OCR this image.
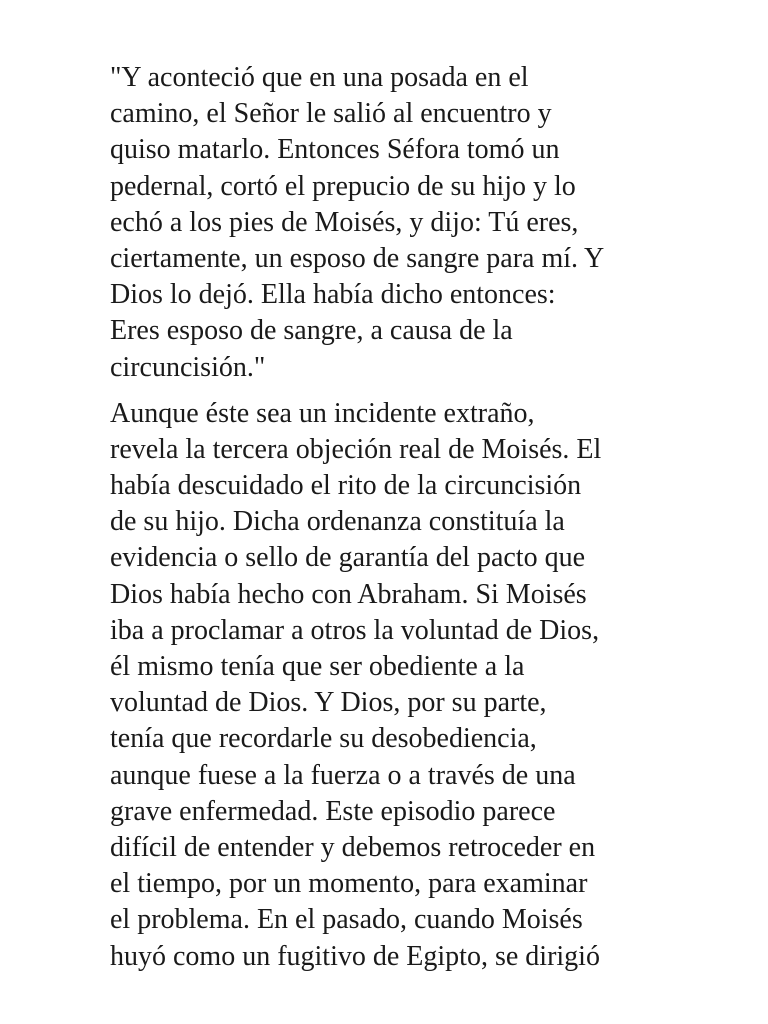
"Y aconteció que en una posada en el
camino, el Señor le salió al encuentro y
quiso matarlo. Entonces Séfora tomó un
pedernal, cortó el prepucio de su hijo y lo
echó a los pies de Moisés, y dijo: Tú eres,
ciertamente, un esposo de sangre para mí. Y
Dios lo dejó. Ella había dicho entonces:
Eres esposo de sangre, a causa de la
circuncisión."
Aunque éste sea un incidente extraño,
revela la tercera objeción real de Moisés. El
había descuidado el rito de la circuncisión
de su hijo. Dicha ordenanza constituía la
evidencia o sello de garantía del pacto que
Dios había hecho con Abraham. Si Moisés
iba a proclamar a otros la voluntad de Dios,
él mismo tenía que ser obediente a la
voluntad de Dios. Y Dios, por su parte,
tenía que recordarle su desobediencia,
aunque fuese a la fuerza o a través de una
grave enfermedad. Este episodio parece
difícil de entender y debemos retroceder en
el tiempo, por un momento, para examinar
el problema. En el pasado, cuando Moisés
huyó como un fugitivo de Egipto, se dirigió
